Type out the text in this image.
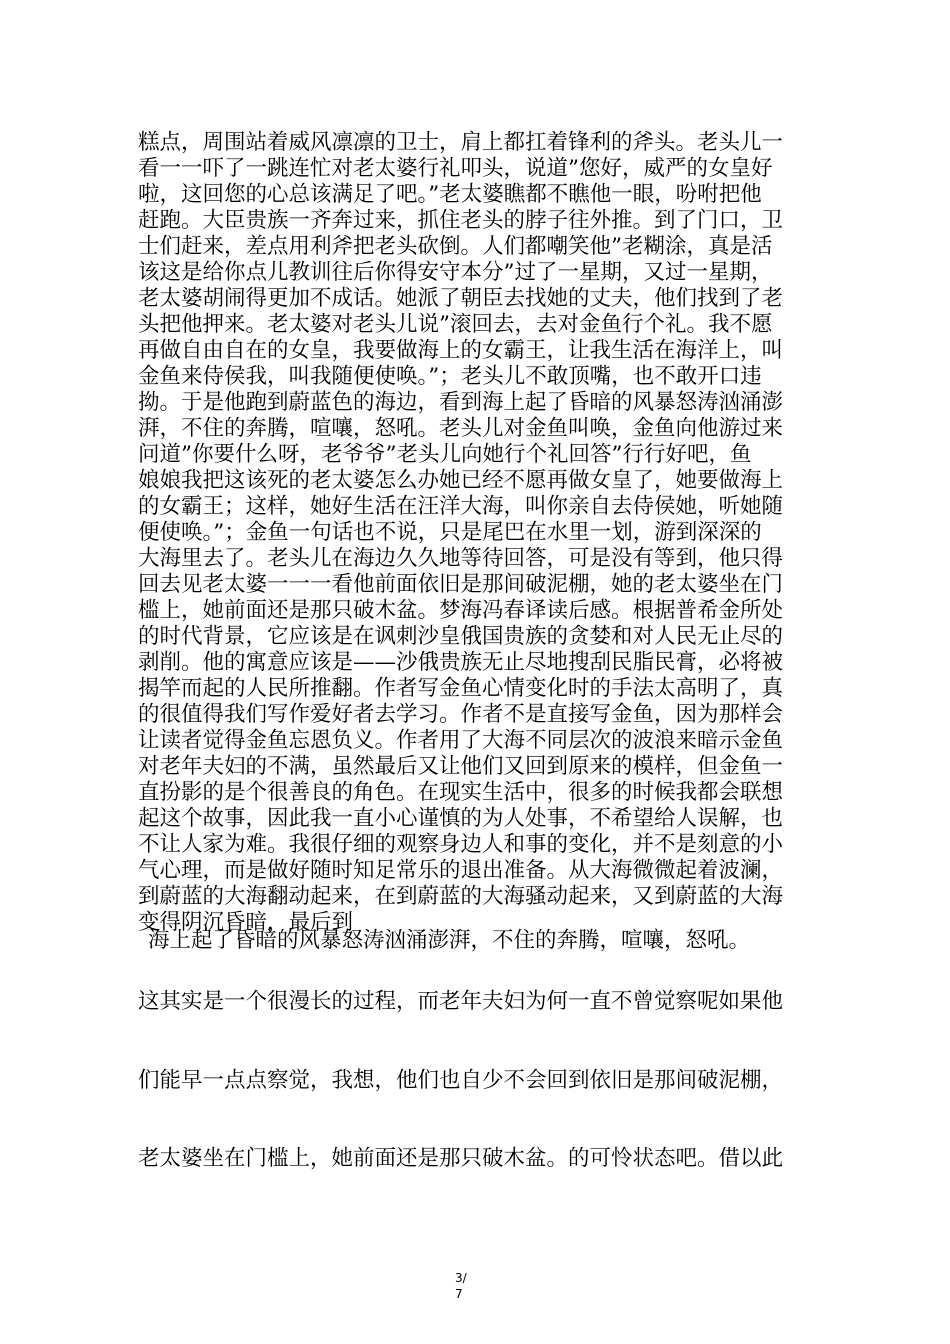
糕点，周围站着威风凛凛的卫士，肩上都扛着锋利的斧头。老头儿一
看一一吓了一跳连忙对老太婆行礼叩头，说道”您好，威严的女皇好
啦，这回您的心总该满足了吧。”老太婆瞧都不瞧他一眼，吩咐把他
赶跑。大臣贵族一齐奔过来，抓住老头的脖子往外推。到了门口，卫
士们赶来，差点用利斧把老头砍倒。人们都嘲笑他”老糊涂，真是活
该这是给你点儿教训往后你得安守本分”过了一星期，又过一星期，
老太婆胡闹得更加不成话。她派了朝臣去找她的丈夫，他们找到了老
头把他押来。老太婆对老头儿说”滚回去，去对金鱼行个礼。我不愿
再做自由自在的女皇，我要做海上的女霸王，让我生活在海洋上，叫
金鱼来侍侯我，叫我随便使唤。”；老头儿不敢顶嘴，也不敢开口违
拗。于是他跑到蔚蓝色的海边，看到海上起了昏暗的风暴怒涛汹涌澎
湃，不住的奔腾，喧嚷，怒吼。老头儿对金鱼叫唤，金鱼向他游过来
问道”你要什么呀，老爷爷”老头儿向她行个礼回答”行行好吧，鱼
娘娘我把这该死的老太婆怎么办她已经不愿再做女皇了，她要做海上
的女霸王；这样，她好生活在汪洋大海，叫你亲自去侍侯她，听她随
便使唤。”；金鱼一句话也不说，只是尾巴在水里一划，游到深深的
大海里去了。老头儿在海边久久地等待回答，可是没有等到，他只得
回去见老太婆一一一看他前面依旧是那间破泥棚，她的老太婆坐在门
槛上，她前面还是那只破木盆。梦海冯春译读后感。根据普希金所处
的时代背景，它应该是在讽刺沙皇俄国贵族的贪婪和对人民无止尽的
剥削。他的寓意应该是——沙俄贵族无止尽地搜刮民脂民膏，必将被
揭竿而起的人民所推翻。作者写金鱼心情变化时的手法太高明了，真
的很值得我们写作爱好者去学习。作者不是直接写金鱼，因为那样会
让读者觉得金鱼忘恩负义。作者用了大海不同层次的波浪来暗示金鱼
对老年夫妇的不满，虽然最后又让他们又回到原来的模样，但金鱼一
直扮影的是个很善良的角色。在现实生活中，很多的时候我都会联想
起这个故事，因此我一直小心谨慎的为人处事，不希望给人误解，也
不让人家为难。我很仔细的观察身边人和事的变化，并不是刻意的小
气心理，而是做好随时知足常乐的退出准备。从大海微微起着波澜，
到蔚蓝的大海翻动起来，在到蔚蓝的大海骚动起来，又到蔚蓝的大海
变得阴沉昏暗，最后到
海上起了昏暗的风暴怒涛汹涌澎湃，不住的奔腾，喧嚷，怒吼。
这其实是一个很漫长的过程，而老年夫妇为何一直不曾觉察呢如果他
们能早一点点察觉，我想，他们也自少不会回到依旧是那间破泥棚，
老太婆坐在门槛上，她前面还是那只破木盆。的可怜状态吧。借以此
3/
7
